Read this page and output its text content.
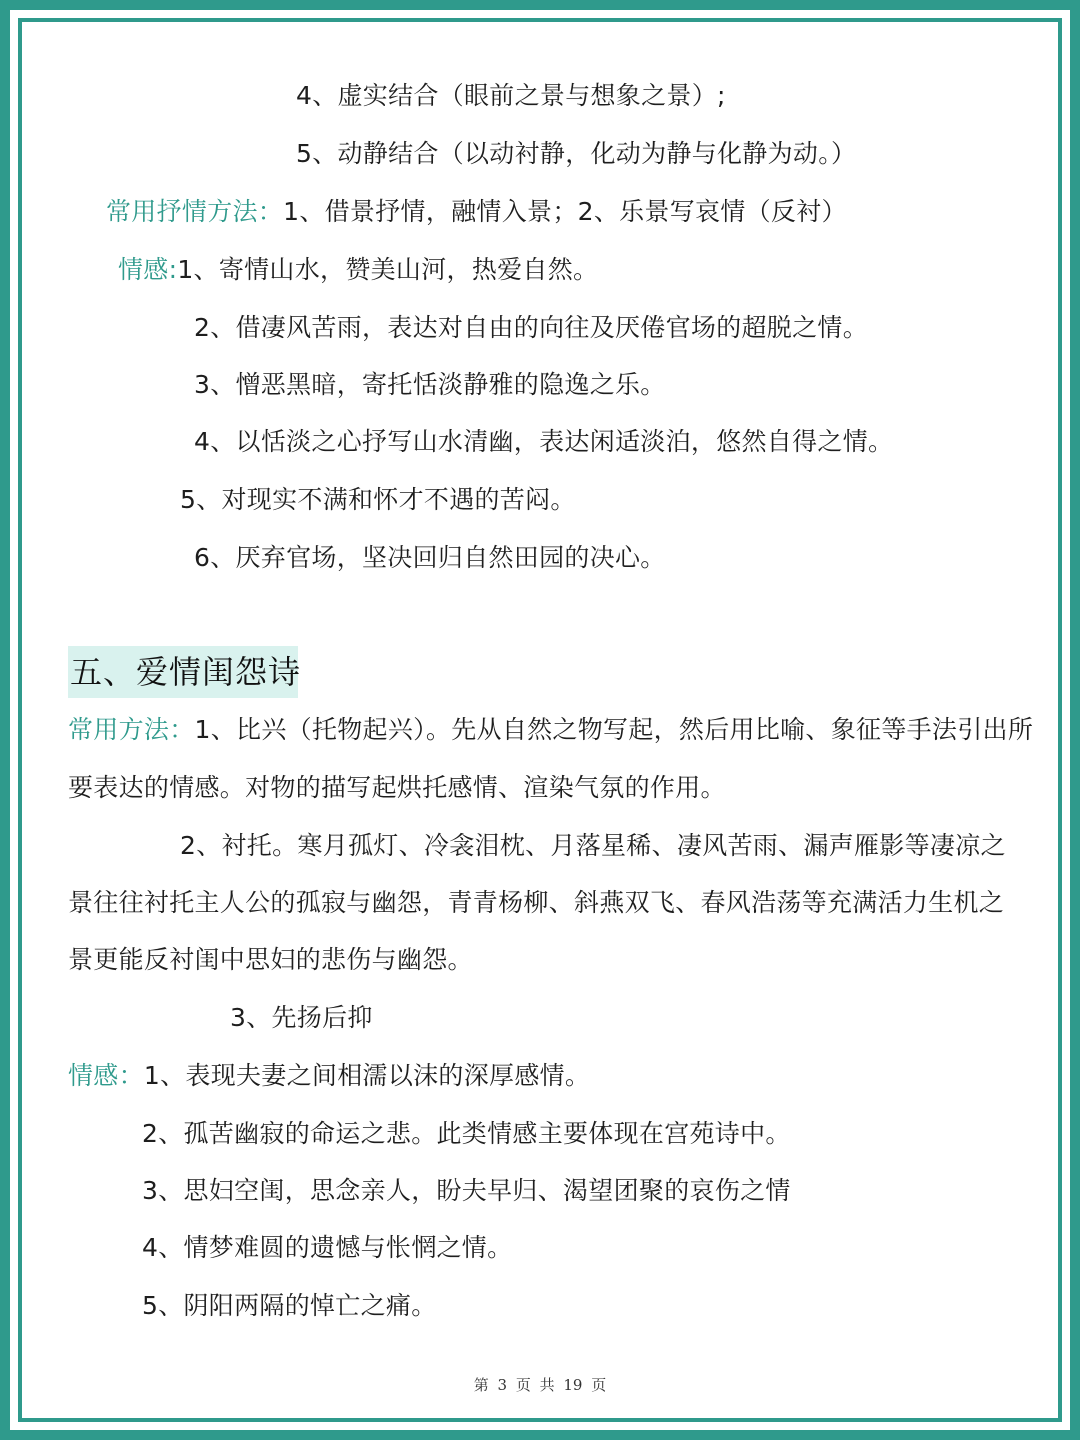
4、虚实结合（眼前之景与想象之景）;
5、动静结合（以动衬静，化动为静与化静为动。）
常用抒情方法：1、借景抒情，融情入景；2、乐景写哀情（反衬）
情感:1、寄情山水，赞美山河，热爱自然。
2、借凄风苦雨，表达对自由的向往及厌倦官场的超脱之情。
3、憎恶黑暗，寄托恬淡静雅的隐逸之乐。
4、以恬淡之心抒写山水清幽，表达闲适淡泊，悠然自得之情。
5、对现实不满和怀才不遇的苦闷。
6、厌弃官场，坚决回归自然田园的决心。
五、爱情闺怨诗
常用方法：1、比兴（托物起兴）。先从自然之物写起，然后用比喻、象征等手法引出所
要表达的情感。对物的描写起烘托感情、渲染气氛的作用。
2、衬托。寒月孤灯、冷衾泪枕、月落星稀、凄风苦雨、漏声雁影等凄凉之
景往往衬托主人公的孤寂与幽怨，青青杨柳、斜燕双飞、春风浩荡等充满活力生机之
景更能反衬闺中思妇的悲伤与幽怨。
3、先扬后抑
情感：1、表现夫妻之间相濡以沫的深厚感情。
2、孤苦幽寂的命运之悲。此类情感主要体现在宫苑诗中。
3、思妇空闺，思念亲人，盼夫早归、渴望团聚的哀伤之情
4、情梦难圆的遗憾与怅惘之情。
5、阴阳两隔的悼亡之痛。
第 3 页 共 19 页
